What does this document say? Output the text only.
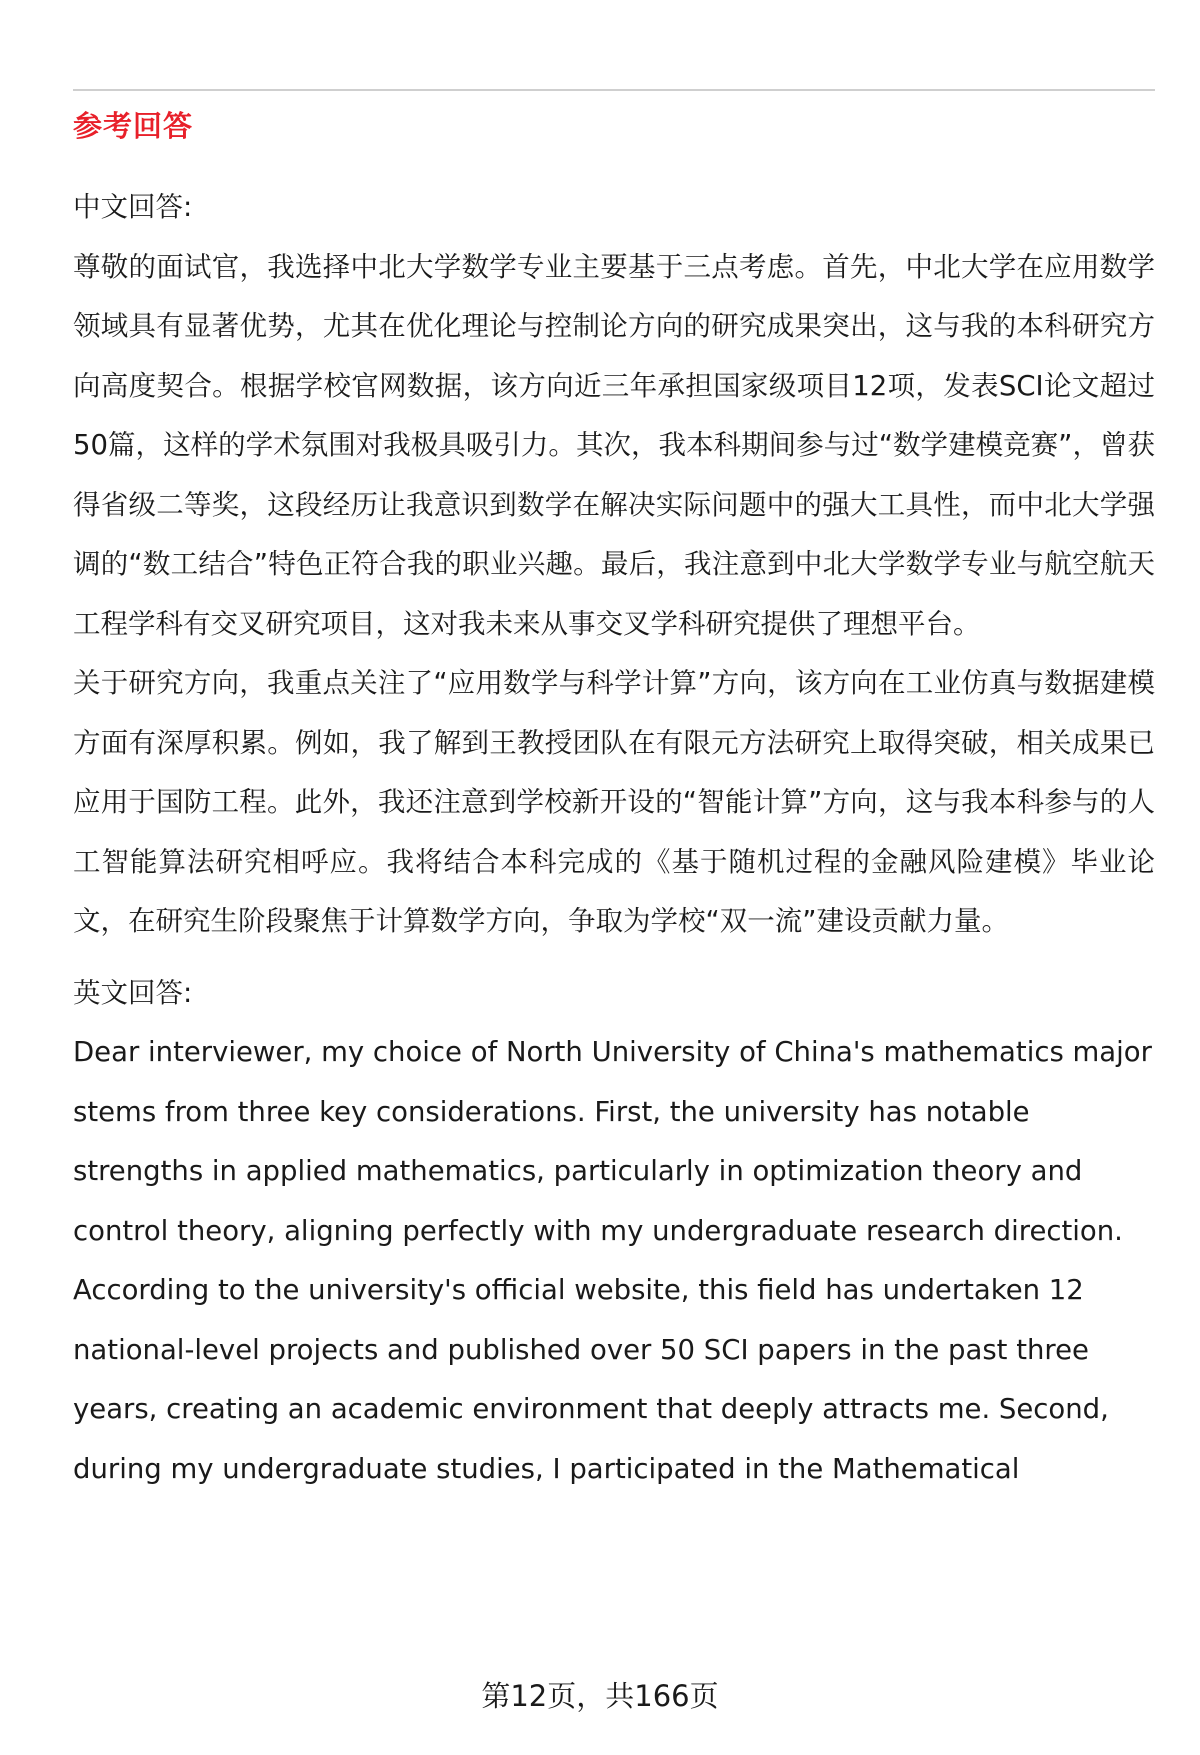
参考回答

中文回答:

尊敬的面试官，我选择中北大学数学专业主要基于三点考虑。首先，中北大学在应用数学领域具有显著优势，尤其在优化理论与控制论方向的研究成果突出，这与我的本科研究方向高度契合。根据学校官网数据，该方向近三年承担国家级项目12项，发表SCI论文超过50篇，这样的学术氛围对我极具吸引力。其次，我本科期间参与过“数学建模竞赛”，曾获得省级二等奖，这段经历让我意识到数学在解决实际问题中的强大工具性，而中北大学强调的“数工结合”特色正符合我的职业兴趣。最后，我注意到中北大学数学专业与航空航天工程学科有交叉研究项目，这对我未来从事交叉学科研究提供了理想平台。

关于研究方向，我重点关注了“应用数学与科学计算”方向，该方向在工业仿真与数据建模方面有深厚积累。例如，我了解到王教授团队在有限元方法研究上取得突破，相关成果已应用于国防工程。此外，我还注意到学校新开设的“智能计算”方向，这与我本科参与的人工智能算法研究相呼应。我将结合本科完成的《基于随机过程的金融风险建模》毕业论文，在研究生阶段聚焦于计算数学方向，争取为学校“双一流”建设贡献力量。

英文回答:

Dear interviewer, my choice of North University of China's mathematics major stems from three key considerations. First, the university has notable strengths in applied mathematics, particularly in optimization theory and control theory, aligning perfectly with my undergraduate research direction. According to the university's official website, this field has undertaken 12 national-level projects and published over 50 SCI papers in the past three years, creating an academic environment that deeply attracts me. Second, during my undergraduate studies, I participated in the Mathematical

第12页，共166页
